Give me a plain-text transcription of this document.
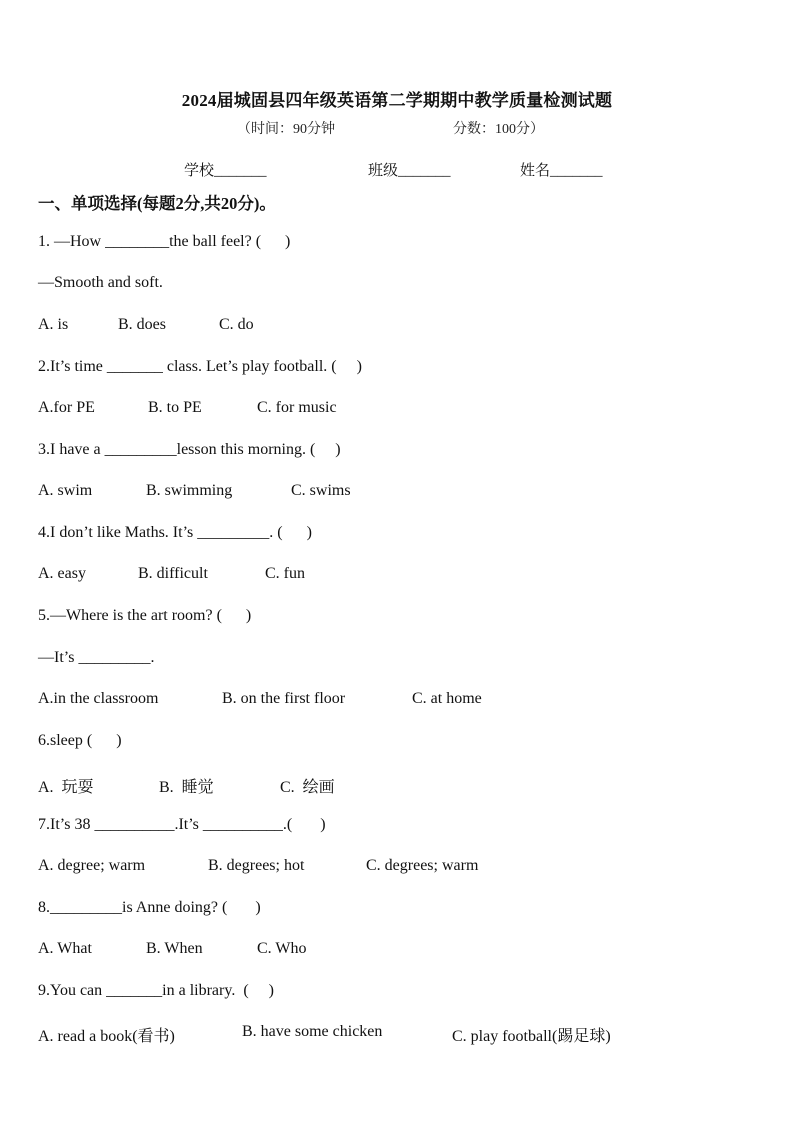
2024届城固县四年级英语第二学期期中教学质量检测试题
（时间：90分钟	分数：100分）
学校_______	班级_______	姓名_______
一、单项选择(每题2分,共20分)。
1. —How ________the ball feel? (      )
—Smooth and soft.
A. is	B. does	C. do
2.It’s time _______ class. Let’s play football. (     )
A.for PE	B. to PE	C. for music
3.I have a _________lesson this morning. (     )
A. swim	B. swimming	C. swims
4.I don’t like Maths. It’s _________. (      )
A. easy	B. difficult	C. fun
5.—Where is the art room? (      )
—It’s _________.
A.in the classroom	B. on the first floor	C. at home
6.sleep (      )
A.  玩耍	B.  睡觉	C.  绘画
7.It’s 38 __________.It’s __________.(       )
A. degree; warm	B. degrees; hot	C. degrees; warm
8._________is Anne doing? (       )
A. What	B. When	C. Who
9.You can _______in a library.  (     )
A. read a book(看书)	B. have some chicken	C. play football(踢足球)
